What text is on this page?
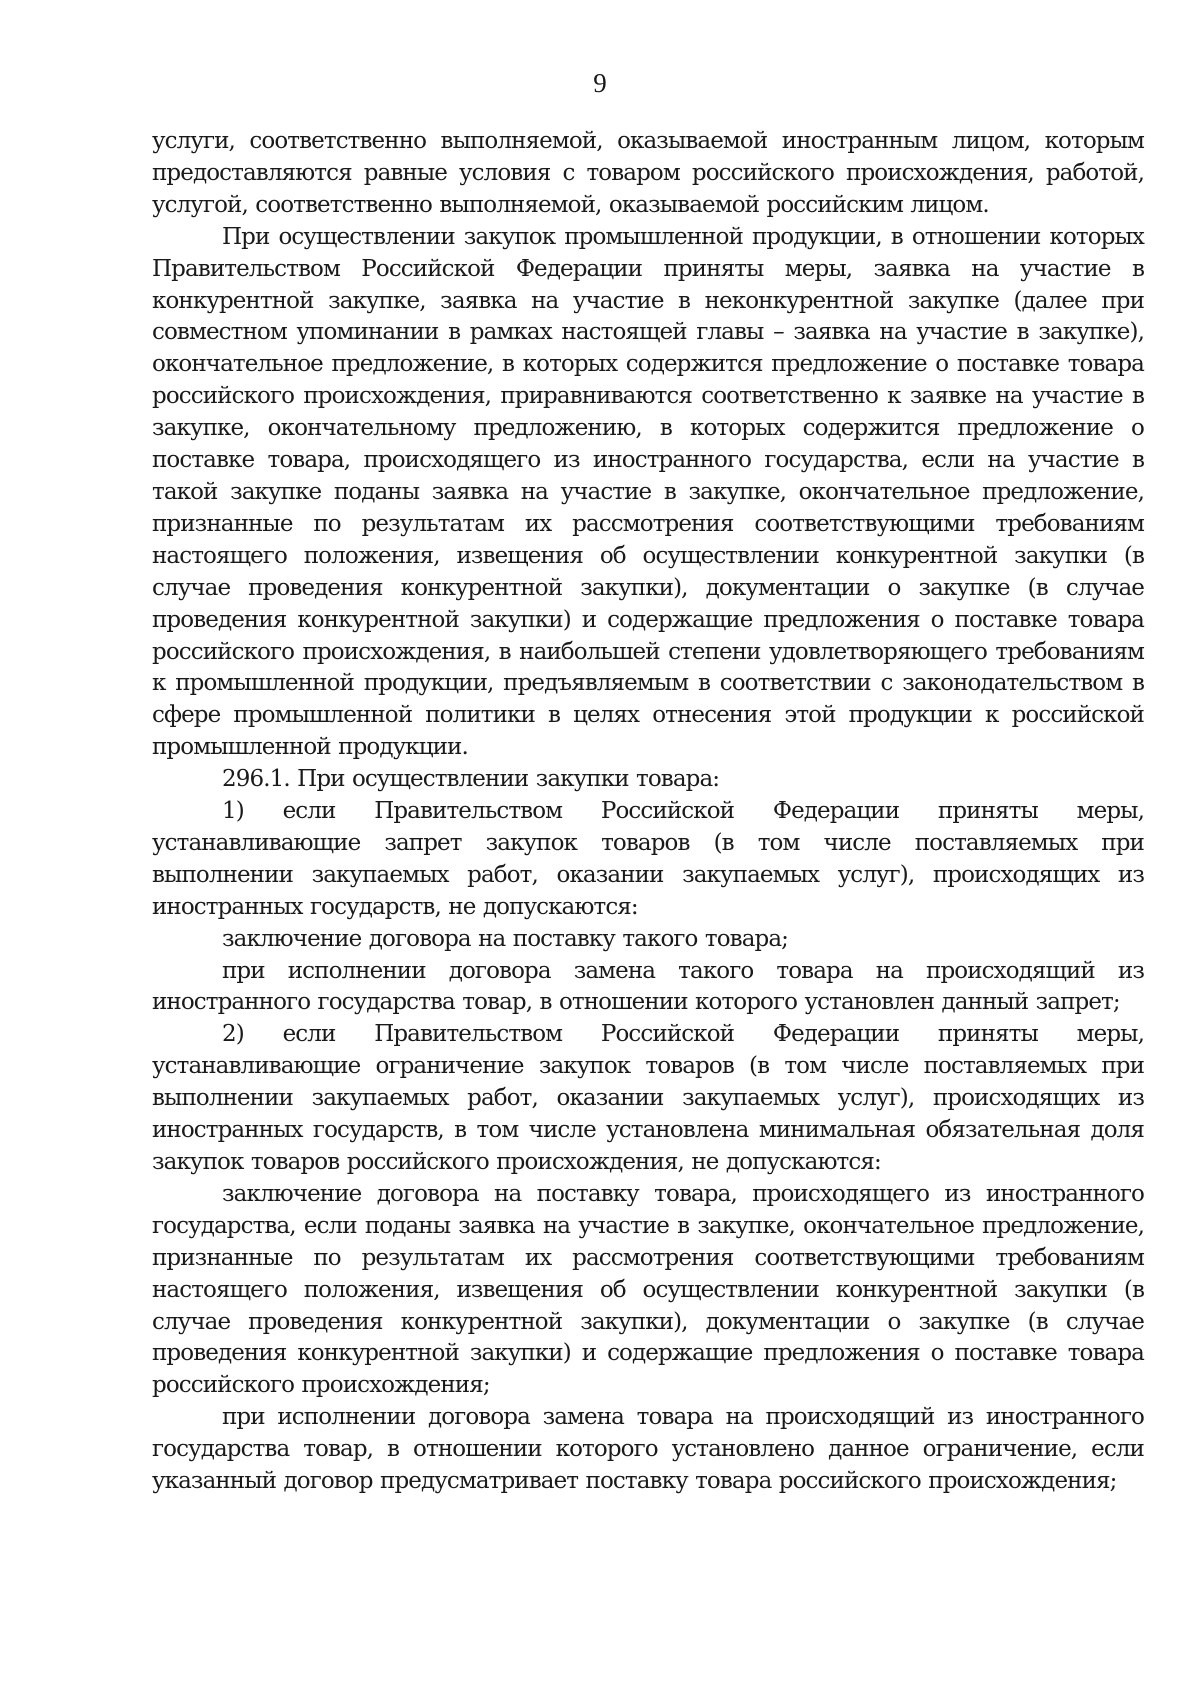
9

услуги, соответственно выполняемой, оказываемой иностранным лицом, которым предоставляются равные условия с товаром российского происхождения, работой, услугой, соответственно выполняемой, оказываемой российским лицом.

При осуществлении закупок промышленной продукции, в отношении которых Правительством Российской Федерации приняты меры, заявка на участие в конкурентной закупке, заявка на участие в неконкурентной закупке (далее при совместном упоминании в рамках настоящей главы – заявка на участие в закупке), окончательное предложение, в которых содержится предложение о поставке товара российского происхождения, приравниваются соответственно к заявке на участие в закупке, окончательному предложению, в которых содержится предложение о поставке товара, происходящего из иностранного государства, если на участие в такой закупке поданы заявка на участие в закупке, окончательное предложение, признанные по результатам их рассмотрения соответствующими требованиям настоящего положения, извещения об осуществлении конкурентной закупки (в случае проведения конкурентной закупки), документации о закупке (в случае проведения конкурентной закупки) и содержащие предложения о поставке товара российского происхождения, в наибольшей степени удовлетворяющего требованиям к промышленной продукции, предъявляемым в соответствии с законодательством в сфере промышленной политики в целях отнесения этой продукции к российской промышленной продукции.

296.1. При осуществлении закупки товара:

1) если Правительством Российской Федерации приняты меры, устанавливающие запрет закупок товаров (в том числе поставляемых при выполнении закупаемых работ, оказании закупаемых услуг), происходящих из иностранных государств, не допускаются:

заключение договора на поставку такого товара;

при исполнении договора замена такого товара на происходящий из иностранного государства товар, в отношении которого установлен данный запрет;

2) если Правительством Российской Федерации приняты меры, устанавливающие ограничение закупок товаров (в том числе поставляемых при выполнении закупаемых работ, оказании закупаемых услуг), происходящих из иностранных государств, в том числе установлена минимальная обязательная доля закупок товаров российского происхождения, не допускаются:

заключение договора на поставку товара, происходящего из иностранного государства, если поданы заявка на участие в закупке, окончательное предложение, признанные по результатам их рассмотрения соответствующими требованиям настоящего положения, извещения об осуществлении конкурентной закупки (в случае проведения конкурентной закупки), документации о закупке (в случае проведения конкурентной закупки) и содержащие предложения о поставке товара российского происхождения;

при исполнении договора замена товара на происходящий из иностранного государства товар, в отношении которого установлено данное ограничение, если указанный договор предусматривает поставку товара российского происхождения;
